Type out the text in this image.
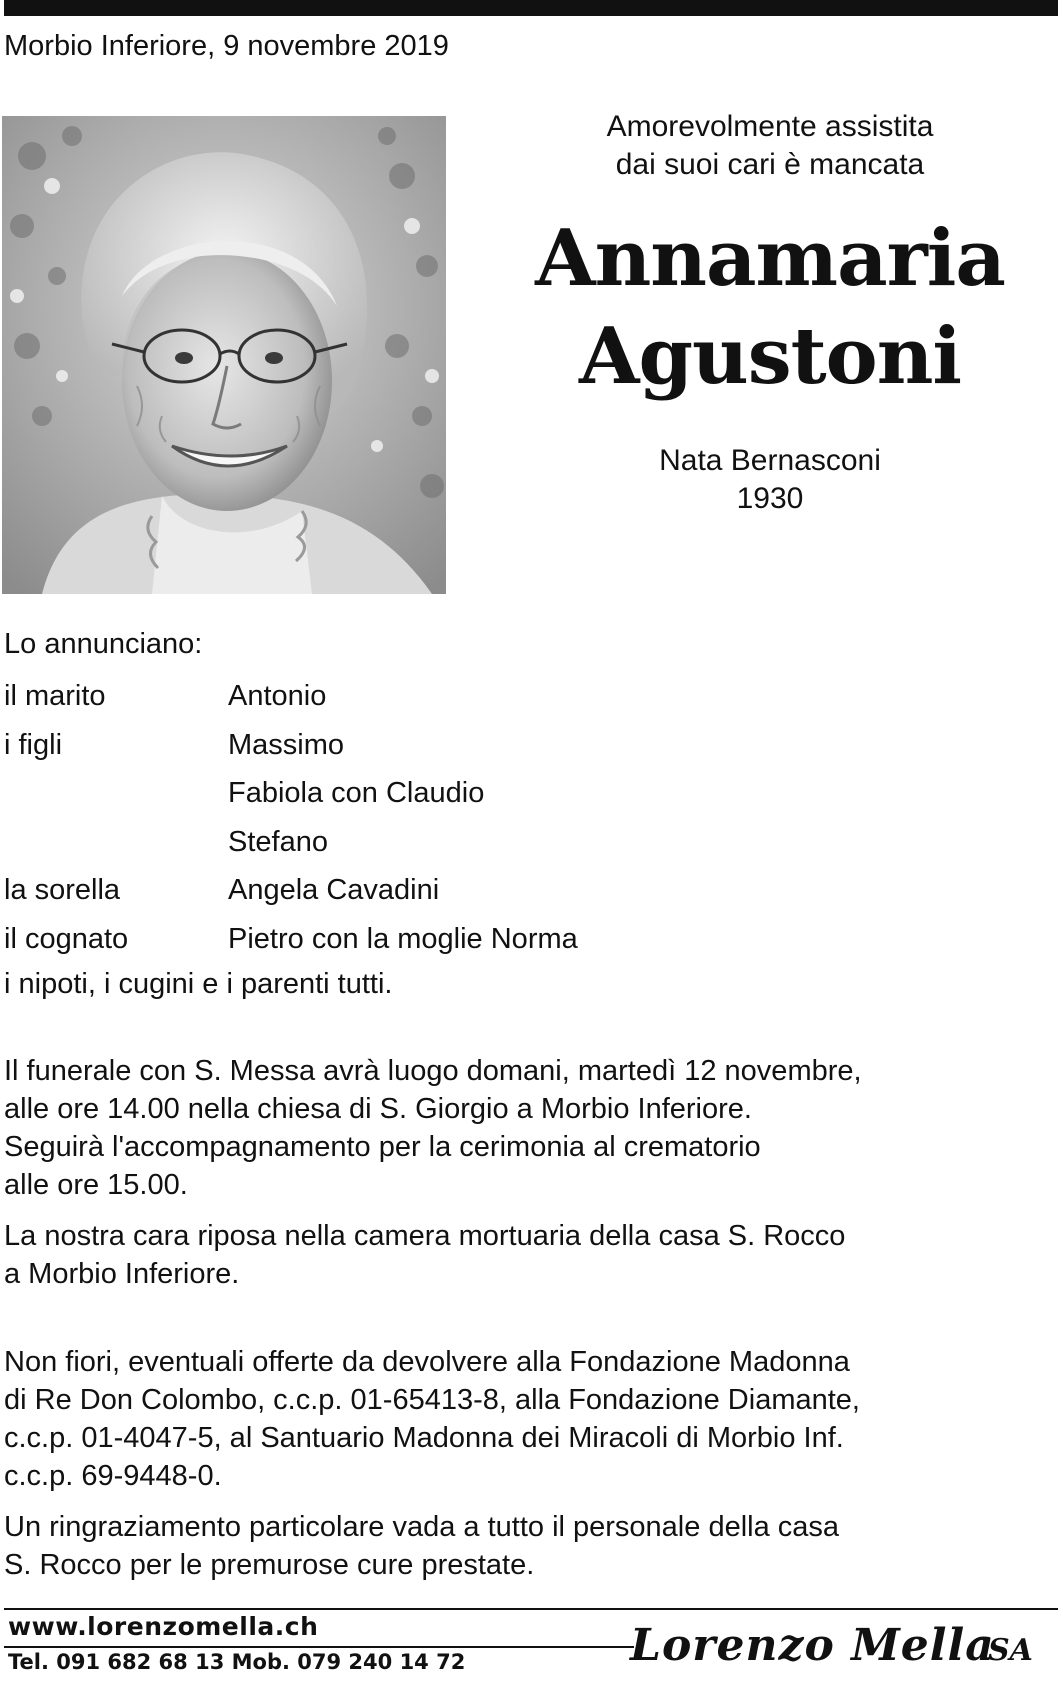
Morbio Inferiore, 9 novembre 2019
Amorevolmente assistita
dai suoi cari è mancata
Annamaria
Agustoni
Nata Bernasconi
1930
Lo annunciano:
il marito	Antonio
i figli	Massimo
Fabiola con Claudio
Stefano
la sorella	Angela Cavadini
il cognato	Pietro con la moglie Norma
i nipoti, i cugini e i parenti tutti.
Il funerale con S. Messa avrà luogo domani, martedì 12 novembre,
alle ore 14.00 nella chiesa di S. Giorgio a Morbio Inferiore.
Seguirà l'accompagnamento per la cerimonia al crematorio
alle ore 15.00.
La nostra cara riposa nella camera mortuaria della casa S. Rocco
a Morbio Inferiore.
Non fiori, eventuali offerte da devolvere alla Fondazione Madonna
di Re Don Colombo, c.c.p. 01-65413-8, alla Fondazione Diamante,
c.c.p. 01-4047-5, al Santuario Madonna dei Miracoli di Morbio Inf.
c.c.p. 69-9448-0.
Un ringraziamento particolare vada a tutto il personale della casa
S. Rocco per le premurose cure prestate.
www.lorenzomella.ch
Tel. 091 682 68 13 Mob. 079 240 14 72	Lorenzo Mella
SA
